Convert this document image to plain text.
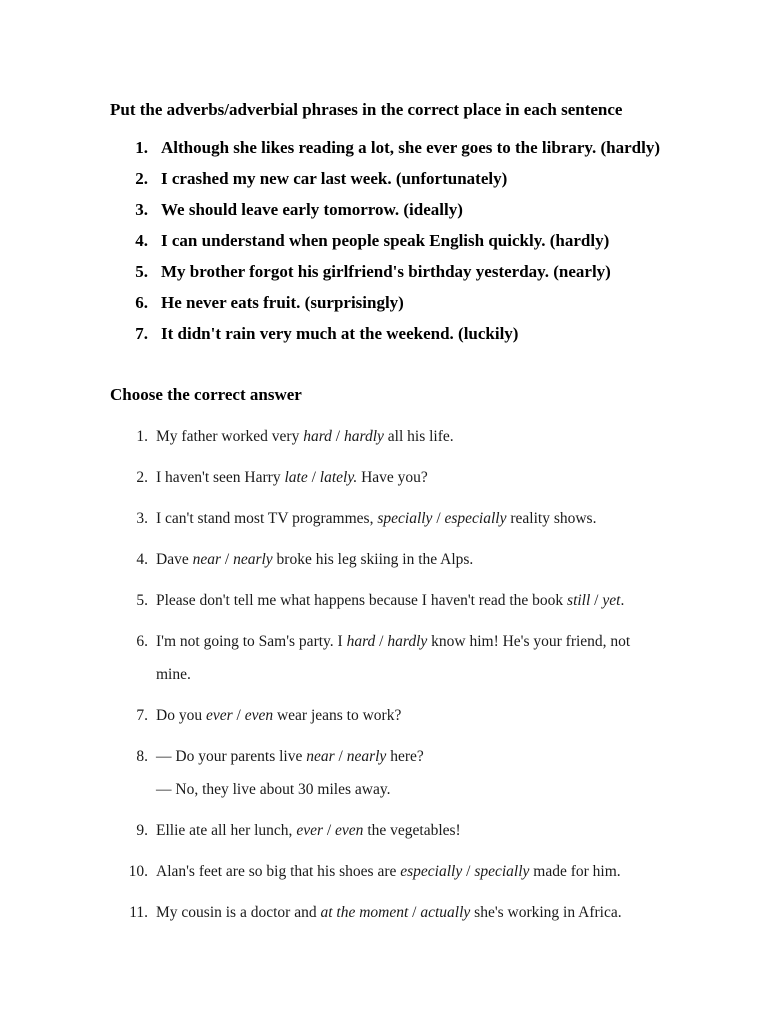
Put the adverbs/adverbial phrases in the correct place in each sentence
1. Although she likes reading a lot, she ever goes to the library. (hardly)
2. I crashed my new car last week. (unfortunately)
3. We should leave early tomorrow. (ideally)
4. I can understand when people speak English quickly. (hardly)
5. My brother forgot his girlfriend's birthday yesterday. (nearly)
6. He never eats fruit. (surprisingly)
7. It didn't rain very much at the weekend. (luckily)
Choose the correct answer
1. My father worked very hard / hardly all his life.
2. I haven't seen Harry late / lately. Have you?
3. I can't stand most TV programmes, specially / especially reality shows.
4. Dave near / nearly broke his leg skiing in the Alps.
5. Please don't tell me what happens because I haven't read the book still / yet.
6. I'm not going to Sam's party. I hard / hardly know him! He's your friend, not
mine.
7. Do you ever / even wear jeans to work?
8. — Do your parents live near / nearly here?
— No, they live about 30 miles away.
9. Ellie ate all her lunch, ever / even the vegetables!
10. Alan's feet are so big that his shoes are especially / specially made for him.
11. My cousin is a doctor and at the moment / actually she's working in Africa.
